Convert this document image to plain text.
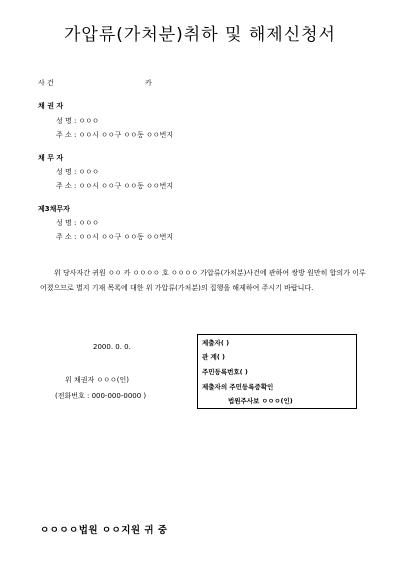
가압류(가처분)취하 및 해제신청서
사 건	카
채 권 자
성 명 : ㅇㅇㅇ
주 소 : ㅇㅇ시 ㅇㅇ구 ㅇㅇ동 ㅇㅇ번지
채 무 자
성 명 : ㅇㅇㅇ
주 소 : ㅇㅇ시 ㅇㅇ구 ㅇㅇ동 ㅇㅇ번지
제3채무자
성 명 : ㅇㅇㅇ
주 소 : ㅇㅇ시 ㅇㅇ구 ㅇㅇ동 ㅇㅇ번지
위 당사자간 귀원 ㅇㅇ 카 ㅇㅇㅇㅇ 호 ㅇㅇㅇㅇ 가압류(가처분)사건에 관하여 쌍방 원만히 합의가 이루어졌으므로 별지 기재 목록에 대한 위 가압류(가처분)의 집행을 해제하여 주시기 바랍니다.
2000. 0. 0.
위 채권자 ㅇㅇㅇ(인)
(전화번호 : 000-000-0000 )
제출자( )
관 계( )
주민등록번호( )
제출자의 주민등록증확인
법원주사보 ㅇㅇㅇ(인)
ㅇㅇㅇㅇ법원 ㅇㅇ지원 귀 중
